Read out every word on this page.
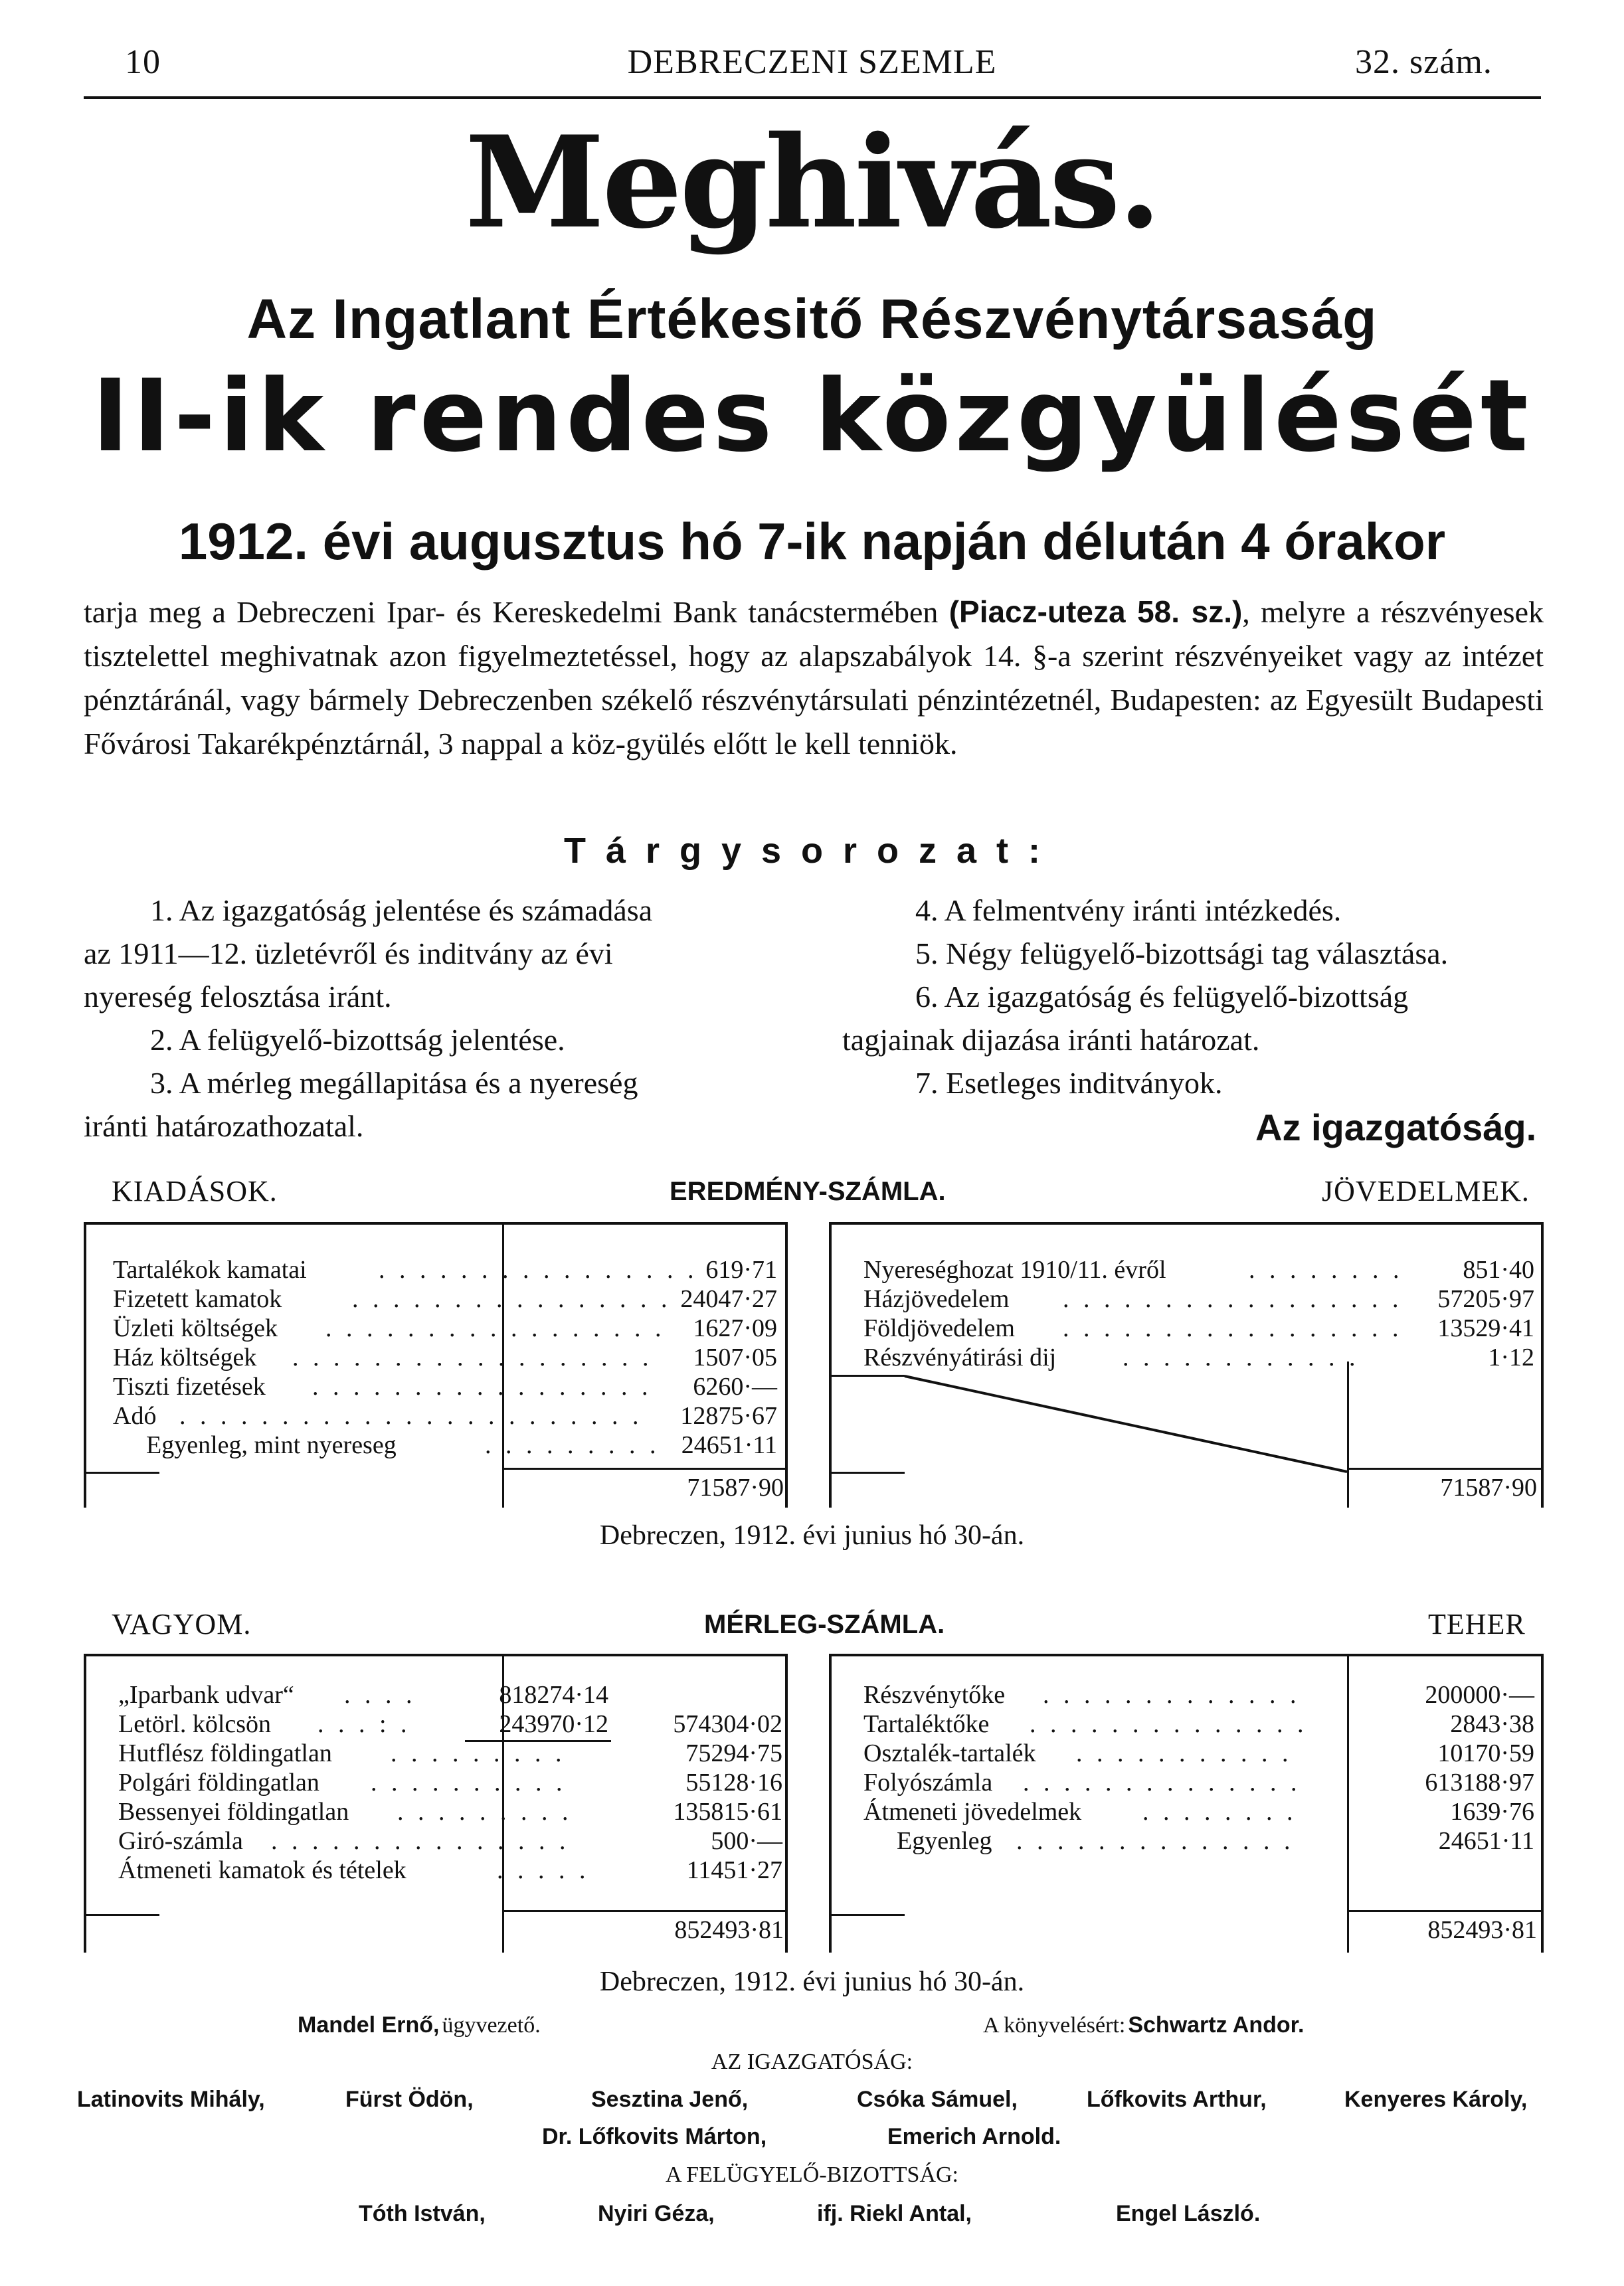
10	DEBRECZENI SZEMLE	32. szám.
Meghivás.
Az Ingatlant Értékesitő Részvénytársaság
II-ik rendes közgyülését
1912. évi augusztus hó 7-ik napján délután 4 órakor
tarja meg a Debreczeni Ipar- és Kereskedelmi Bank tanácstermében (Piacz-uteza 58. sz.), melyre a részvényesek tisztelettel meghivatnak azon figyelmeztetéssel, hogy az alapszabályok 14. §-a szerint részvényeiket vagy az intézet pénztáránál, vagy bármely Debreczenben székelő részvénytársulati pénzintézetnél, Budapesten: az Egyesült Budapesti Fővárosi Takarékpénztárnál, 3 nappal a köz-gyülés előtt le kell tenniök.
Tárgysorozat:
1. Az igazgatóság jelentése és számadása
az 1911—12. üzletévről és inditvány az évi
nyereség felosztása iránt.
2. A felügyelő-bizottság jelentése.
3. A mérleg megállapitása és a nyereség
iránti határozathozatal.
4. A felmentvény iránti intézkedés.
5. Négy felügyelő-bizottsági tag választása.
6. Az igazgatóság és felügyelő-bizottság
tagjainak dijazása iránti határozat.
7. Esetleges inditványok.
Az igazgatóság.
KIADÁSOK.	EREDMÉNY-SZÁMLA.	JÖVEDELMEK.
Tartalékok kamatai	. . . . . . . . . . . . . . . . 619·71
Fizetett kamatok	. . . . . . . . . . . . . . . . 24047·27
Üzleti költségek . . . . . . . . . . . . . . . . .	1627·09
Ház költségek . . . . . . . . . . . . . . . . . .	1507·05
Tiszti fizetések . . . . . . . . . . . . . . . . .	6260·—
Adó . . . . . . . . . . . . . . . . . . . . . . .	12875·67
Egyenleg, mint nyereseg	. . . . . . . . . 24651·11
71587·90
Nyereséghozat 1910/11. évről	. . . . . . . .	851·40
Házjövedelem . . . . . . . . . . . . . . . . .	57205·97
Földjövedelem . . . . . . . . . . . . . . . . .	13529·41
Részvényátirási dij	. . . . . . . . . . . .	1·12
71587·90
Debreczen, 1912. évi junius hó 30-án.
VAGYOM.	MÉRLEG-SZÁMLA.	TEHER
„Iparbank udvar“ . . . .	818274·14
Letörl. kölcsön . . . : .	243970·12	574304·02
Hutflész földingatlan . . . . . . . . .	75294·75
Polgári földingatlan . . . . . . . . . .	55128·16
Bessenyei földingatlan . . . . . . . . .	135815·61
Giró-számla . . . . . . . . . . . . . . .	500·—
Átmeneti kamatok és tételek	. . . . .	11451·27
852493·81
Részvénytőke . . . . . . . . . . . . .	200000·—
Tartaléktőke . . . . . . . . . . . . . .	2843·38
Osztalék-tartalék . . . . . . . . . . .	10170·59
Folyószámla . . . . . . . . . . . . . .	613188·97
Átmeneti jövedelmek . . . . . . . .	1639·76
Egyenleg . . . . . . . . . . . . . .	24651·11
852493·81
Debreczen, 1912. évi junius hó 30-án.
Mandel Ernő, ügyvezető.	A könyvelésért: Schwartz Andor.
AZ IGAZGATÓSÁG:
Latinovits Mihály,	Fürst Ödön,	Sesztina Jenő,	Csóka Sámuel,	Lőfkovits Arthur,	Kenyeres Károly,
Dr. Lőfkovits Márton,	Emerich Arnold.
A FELÜGYELŐ-BIZOTTSÁG:
Tóth István,	Nyiri Géza,	ifj. Riekl Antal,	Engel László.
